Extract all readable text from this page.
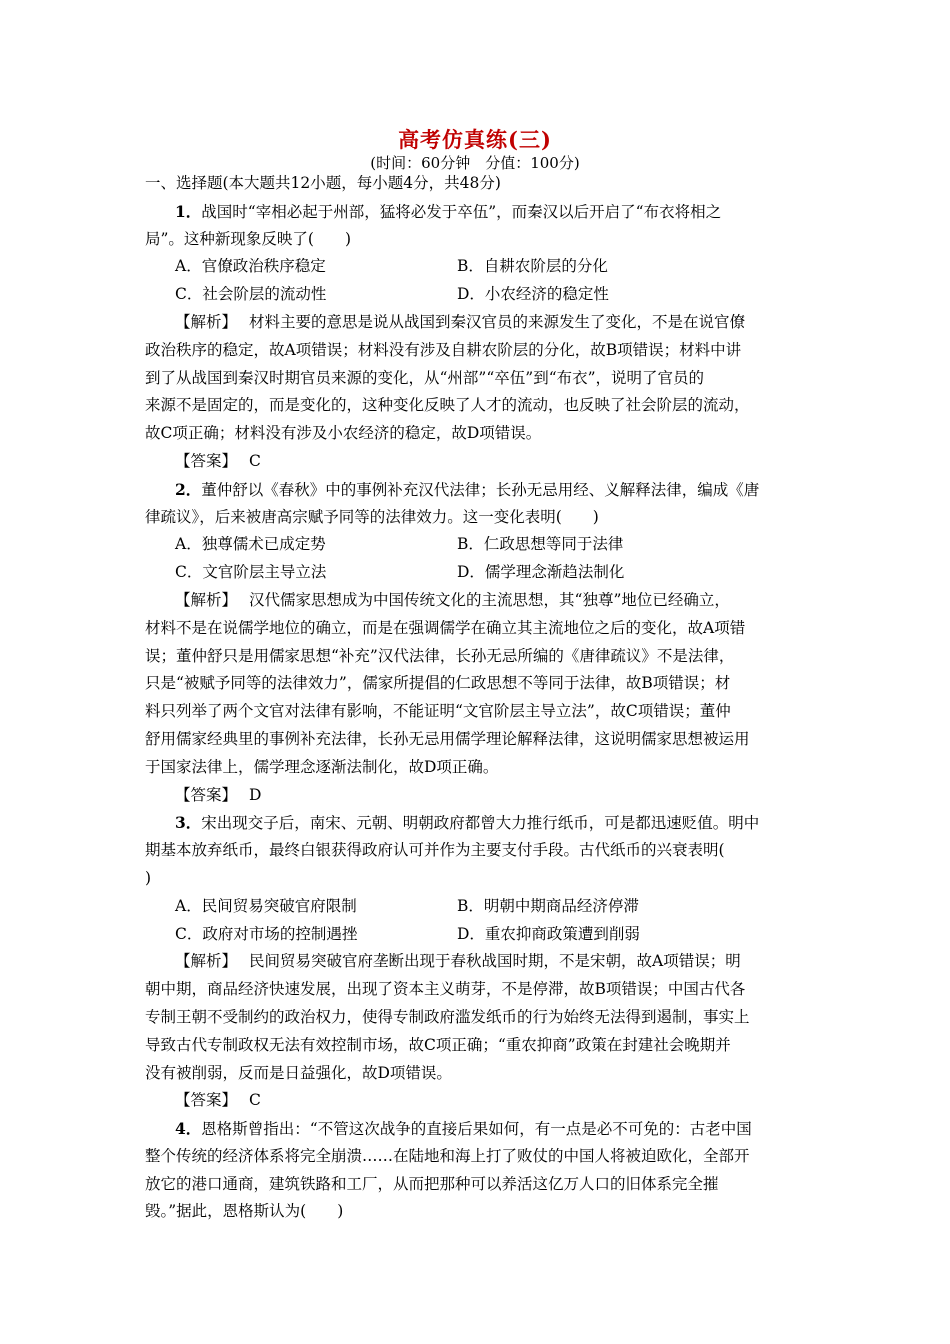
高考仿真练(三)
(时间：60分钟　分值：100分)
一、选择题(本大题共12小题，每小题4分，共48分)
1．战国时“宰相必起于州部，猛将必发于卒伍”，而秦汉以后开启了“布衣将相之
局”。这种新现象反映了(　　)
A．官僚政治秩序稳定	B．自耕农阶层的分化
C．社会阶层的流动性	D．小农经济的稳定性
【解析】 材料主要的意思是说从战国到秦汉官员的来源发生了变化，不是在说官僚
政治秩序的稳定，故A项错误；材料没有涉及自耕农阶层的分化，故B项错误；材料中讲
到了从战国到秦汉时期官员来源的变化，从“州部”“卒伍”到“布衣”，说明了官员的
来源不是固定的，而是变化的，这种变化反映了人才的流动，也反映了社会阶层的流动，
故C项正确；材料没有涉及小农经济的稳定，故D项错误。
【答案】 C
2．董仲舒以《春秋》中的事例补充汉代法律；长孙无忌用经、义解释法律，编成《唐
律疏议》，后来被唐高宗赋予同等的法律效力。这一变化表明(　　)
A．独尊儒术已成定势	B．仁政思想等同于法律
C．文官阶层主导立法	D．儒学理念渐趋法制化
【解析】 汉代儒家思想成为中国传统文化的主流思想，其“独尊”地位已经确立，
材料不是在说儒学地位的确立，而是在强调儒学在确立其主流地位之后的变化，故A项错
误；董仲舒只是用儒家思想“补充”汉代法律，长孙无忌所编的《唐律疏议》不是法律，
只是“被赋予同等的法律效力”，儒家所提倡的仁政思想不等同于法律，故B项错误；材
料只列举了两个文官对法律有影响，不能证明“文官阶层主导立法”，故C项错误；董仲
舒用儒家经典里的事例补充法律，长孙无忌用儒学理论解释法律，这说明儒家思想被运用
于国家法律上，儒学理念逐渐法制化，故D项正确。
【答案】 D
3．宋出现交子后，南宋、元朝、明朝政府都曾大力推行纸币，可是都迅速贬值。明中
期基本放弃纸币，最终白银获得政府认可并作为主要支付手段。古代纸币的兴衰表明(
)
A．民间贸易突破官府限制	B．明朝中期商品经济停滞
C．政府对市场的控制遇挫	D．重农抑商政策遭到削弱
【解析】 民间贸易突破官府垄断出现于春秋战国时期，不是宋朝，故A项错误；明
朝中期，商品经济快速发展，出现了资本主义萌芽，不是停滞，故B项错误；中国古代各
专制王朝不受制约的政治权力，使得专制政府滥发纸币的行为始终无法得到遏制，事实上
导致古代专制政权无法有效控制市场，故C项正确；“重农抑商”政策在封建社会晚期并
没有被削弱，反而是日益强化，故D项错误。
【答案】 C
4．恩格斯曾指出：“不管这次战争的直接后果如何，有一点是必不可免的：古老中国
整个传统的经济体系将完全崩溃……在陆地和海上打了败仗的中国人将被迫欧化，全部开
放它的港口通商，建筑铁路和工厂，从而把那种可以养活这亿万人口的旧体系完全摧
毁。”据此，恩格斯认为(　　)
